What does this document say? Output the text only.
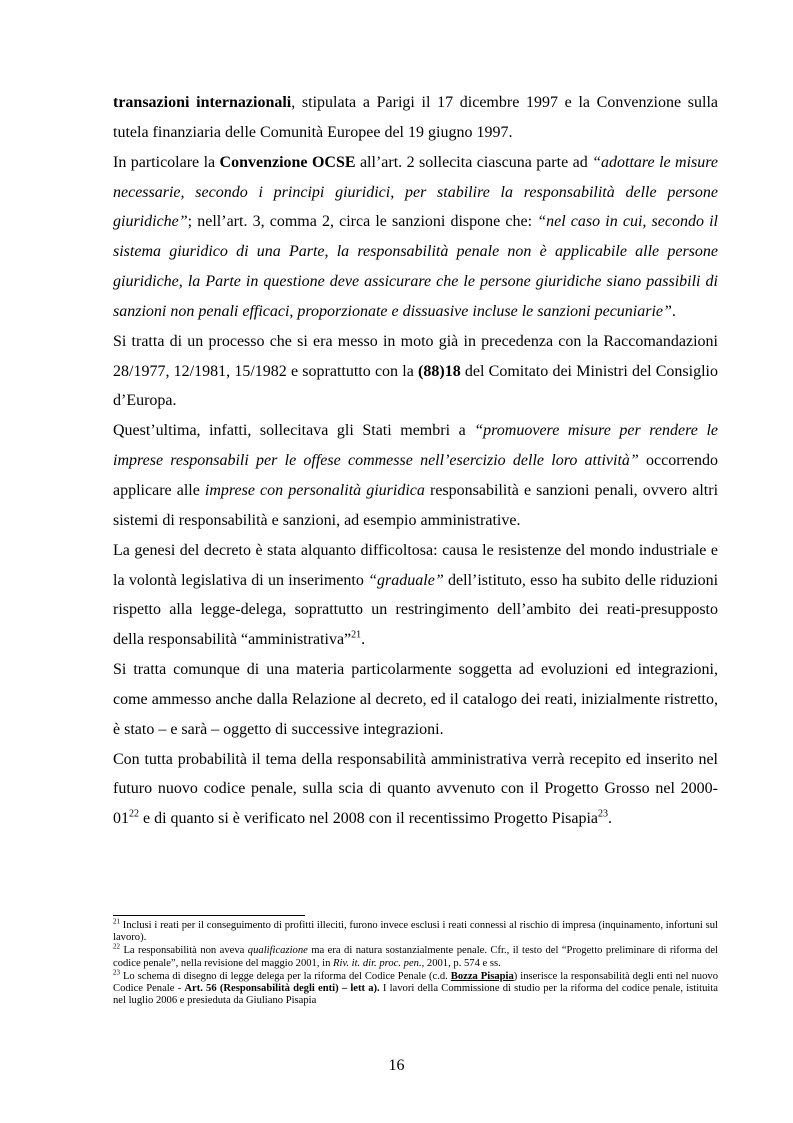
transazioni internazionali, stipulata a Parigi il 17 dicembre 1997 e la Convenzione sulla tutela finanziaria delle Comunità Europee del 19 giugno 1997.

In particolare la Convenzione OCSE all’art. 2 sollecita ciascuna parte ad “adottare le misure necessarie, secondo i principi giuridici, per stabilire la responsabilità delle persone giuridiche”; nell’art. 3, comma 2, circa le sanzioni dispone che: “nel caso in cui, secondo il sistema giuridico di una Parte, la responsabilità penale non è applicabile alle persone giuridiche, la Parte in questione deve assicurare che le persone giuridiche siano passibili di sanzioni non penali efficaci, proporzionate e dissuasive incluse le sanzioni pecuniarie”.

Si tratta di un processo che si era messo in moto già in precedenza con la Raccomandazioni 28/1977, 12/1981, 15/1982 e soprattutto con la (88)18 del Comitato dei Ministri del Consiglio d’Europa.

Quest’ultima, infatti, sollecitava gli Stati membri a “promuovere misure per rendere le imprese responsabili per le offese commesse nell’esercizio delle loro attività” occorrendo applicare alle imprese con personalità giuridica responsabilità e sanzioni penali, ovvero altri sistemi di responsabilità e sanzioni, ad esempio amministrative.

La genesi del decreto è stata alquanto difficoltosa: causa le resistenze del mondo industriale e la volontà legislativa di un inserimento “graduale” dell’istituto, esso ha subito delle riduzioni rispetto alla legge-delega, soprattutto un restringimento dell’ambito dei reati-presupposto della responsabilità “amministrativa”$^{21}$.

Si tratta comunque di una materia particolarmente soggetta ad evoluzioni ed integrazioni, come ammesso anche dalla Relazione al decreto, ed il catalogo dei reati, inizialmente ristretto, è stato – e sarà – oggetto di successive integrazioni.

Con tutta probabilità il tema della responsabilità amministrativa verrà recepito ed inserito nel futuro nuovo codice penale, sulla scia di quanto avvenuto con il Progetto Grosso nel $2000-01^{22}$ e di quanto si è verificato nel 2008 con il recentissimo Progetto Pisapia$^{23}$.

$^{21}$ Inclusi i reati per il conseguimento di profitti illeciti, furono invece esclusi i reati connessi al rischio di impresa (inquinamento, infortuni sul lavoro).

$^{22}$ La responsabilità non aveva qualificazione ma era di natura sostanzialmente penale. Cfr., il testo del “Progetto preliminare di riforma del codice penale”, nella revisione del maggio 2001, in Riv. it. dir. proc. pen., 2001, p. 574 e ss.

$^{23}$ Lo schema di disegno di legge delega per la riforma del Codice Penale (c.d. Bozza Pisapia) inserisce la responsabilità degli enti nel nuovo Codice Penale - Art. 56 (Responsabilità degli enti) – lett a). I lavori della Commissione di studio per la riforma del codice penale, istituita nel luglio 2006 e presieduta da Giuliano Pisapia

16
